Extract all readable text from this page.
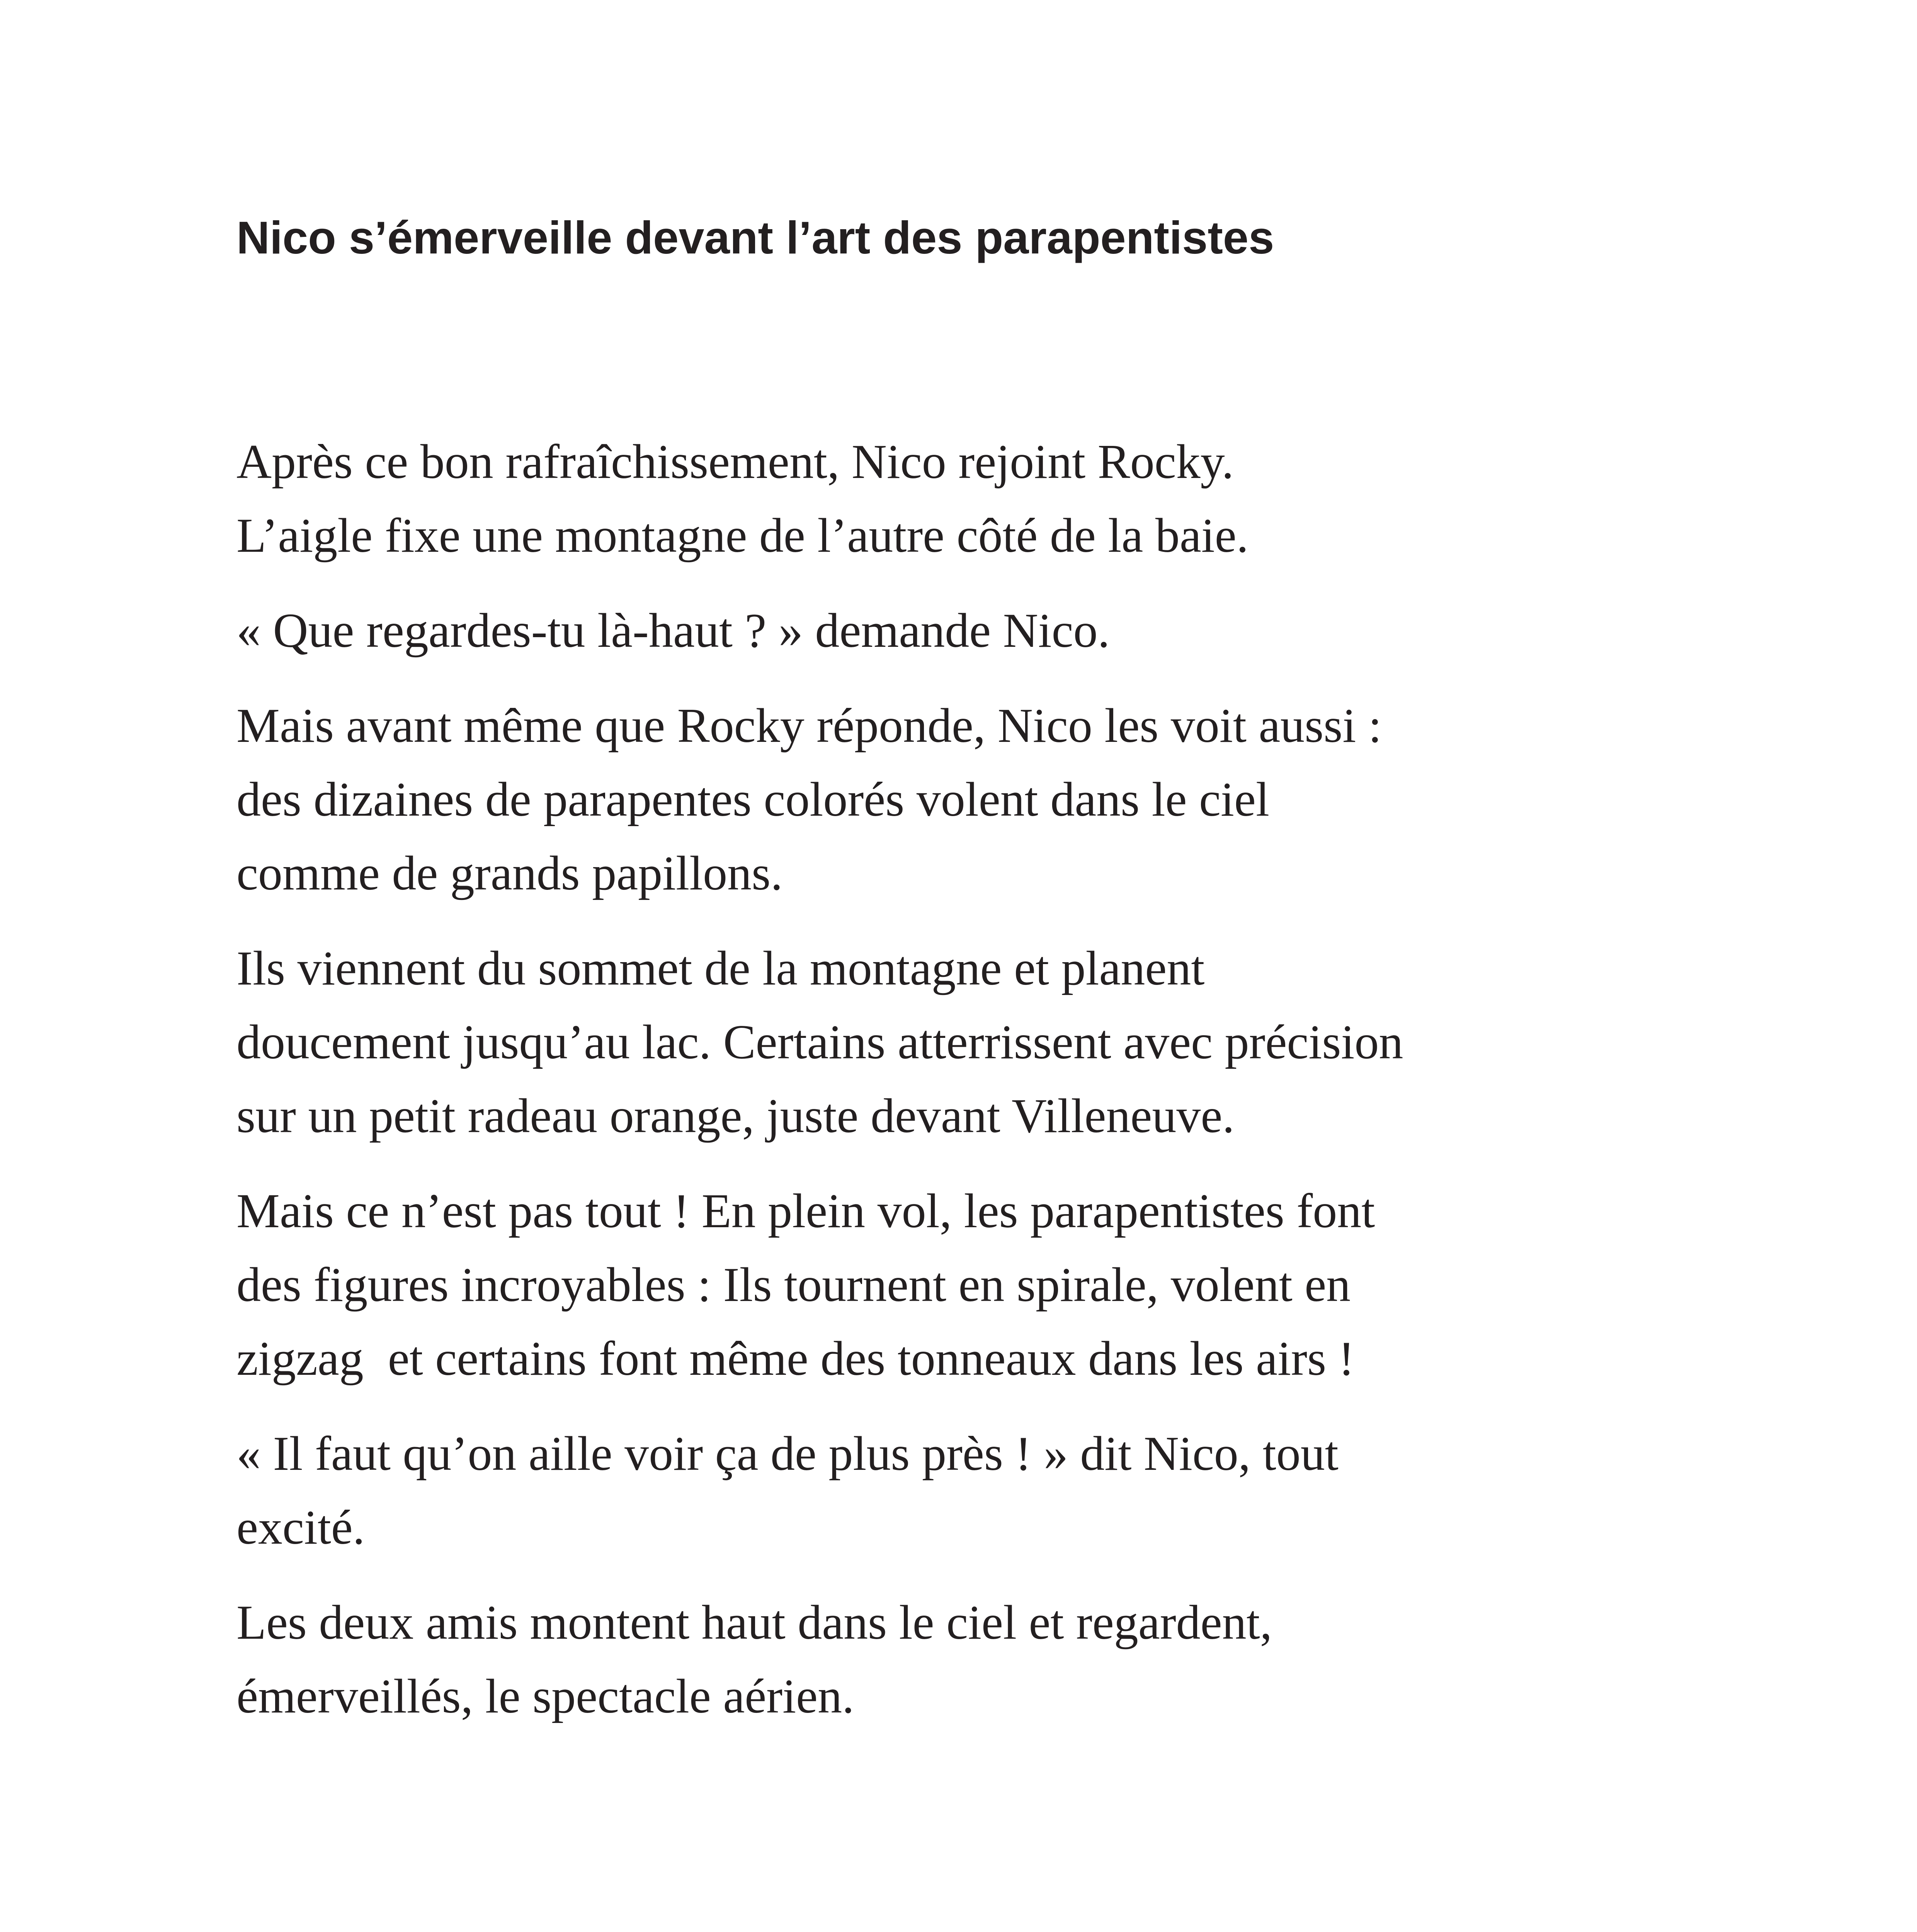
Nico s’émerveille devant l’art des parapentistes

Après ce bon rafraîchissement, Nico rejoint Rocky.
L’aigle fixe une montagne de l’autre côté de la baie.

« Que regardes-tu là-haut ? » demande Nico.

Mais avant même que Rocky réponde, Nico les voit aussi :
des dizaines de parapentes colorés volent dans le ciel
comme de grands papillons.

Ils viennent du sommet de la montagne et planent
doucement jusqu’au lac. Certains atterrissent avec précision
sur un petit radeau orange, juste devant Villeneuve.

Mais ce n’est pas tout ! En plein vol, les parapentistes font
des figures incroyables : Ils tournent en spirale, volent en
zigzag  et certains font même des tonneaux dans les airs !

« Il faut qu’on aille voir ça de plus près ! » dit Nico, tout
excité.

Les deux amis montent haut dans le ciel et regardent,
émerveillés, le spectacle aérien.
